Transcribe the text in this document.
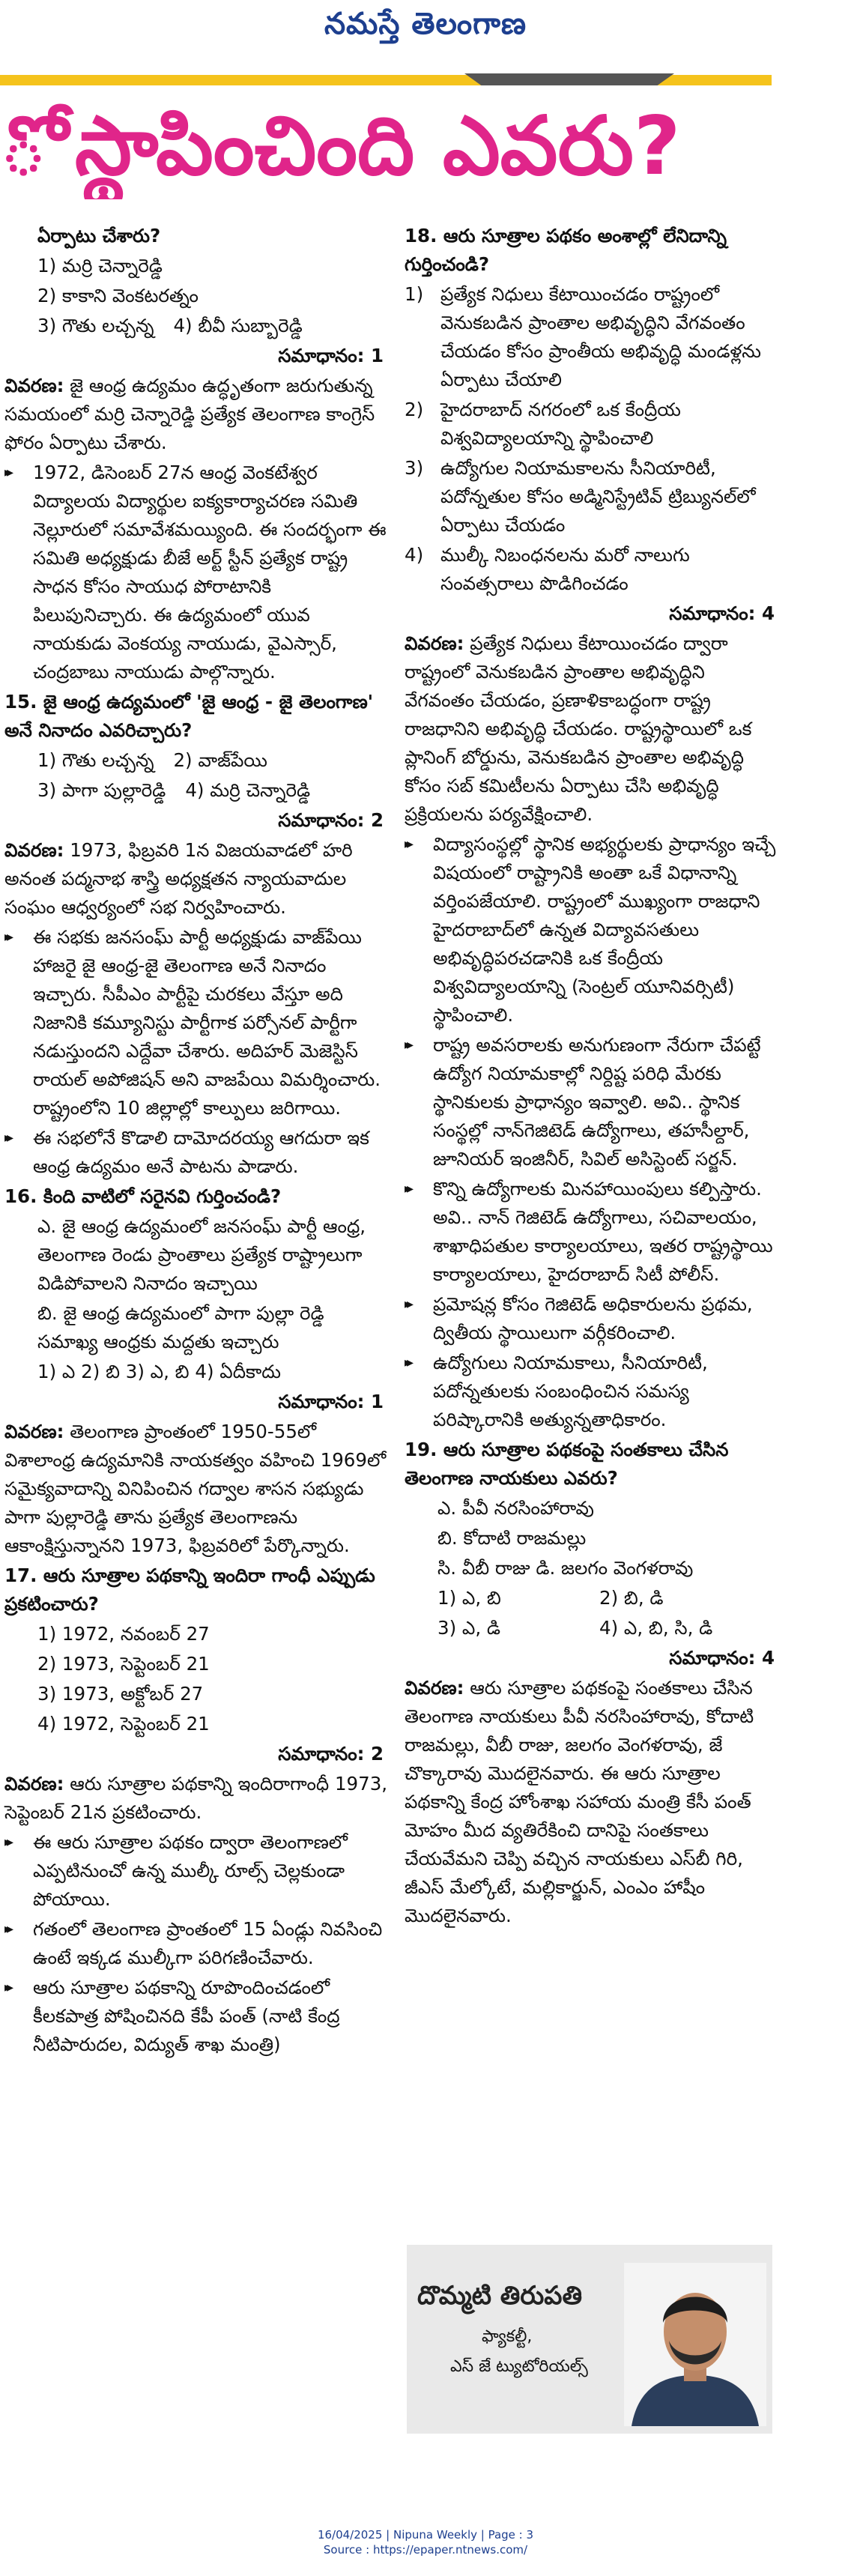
నమస్తే తెలంగాణ
ో స్థాపించింది ఎవరు?
ఏర్పాటు చేశారు?
1) మర్రి చెన్నారెడ్డి
2) కాకాని వెంకటరత్నం
3) గౌతు లచ్చన్న 4) బీవీ సుబ్బారెడ్డి
సమాధానం: 1
వివరణ: జై ఆంధ్ర ఉద్యమం ఉద్ధృతంగా జరుగుతున్న సమయంలో మర్రి చెన్నారెడ్డి ప్రత్యేక తెలంగాణ కాంగ్రెస్ ఫోరం ఏర్పాటు చేశారు.
▸▸ 1972, డిసెంబర్ 27న ఆంధ్ర వెంకటేశ్వర విద్యాలయ విద్యార్థుల ఐక్యకార్యాచరణ సమితి నెల్లూరులో సమావేశమయ్యింది. ఈ సందర్భంగా ఈ సమితి అధ్యక్షుడు బీజే అర్ట్ స్టీన్ ప్రత్యేక రాష్ట్ర సాధన కోసం సాయుధ పోరాటానికి పిలుపునిచ్చారు. ఈ ఉద్యమంలో యువ నాయకుడు వెంకయ్య నాయుడు, వైఎస్సార్, చంద్రబాబు నాయుడు పాల్గొన్నారు.
15. జై ఆంధ్ర ఉద్యమంలో 'జై ఆంధ్ర - జై తెలంగాణ' అనే నినాదం ఎవరిచ్చారు?
1) గౌతు లచ్చన్న 2) వాజ్‌పేయి
3) పాగా పుల్లారెడ్డి 4) మర్రి చెన్నారెడ్డి
సమాధానం: 2
వివరణ: 1973, ఫిబ్రవరి 1న విజయవాడలో హరి అనంత పద్మనాభ శాస్త్రి అధ్యక్షతన న్యాయవాదుల సంఘం ఆధ్వర్యంలో సభ నిర్వహించారు.
▸▸ ఈ సభకు జనసంఘ్ పార్టీ అధ్యక్షుడు వాజ్‌పేయి హాజరై జై ఆంధ్ర-జై తెలంగాణ అనే నినాదం ఇచ్చారు. సీపీఎం పార్టీపై చురకలు వేస్తూ అది నిజానికి కమ్యూనిస్టు పార్టీగాక పర్సోనల్ పార్టీగా నడుస్తుందని ఎద్దేవా చేశారు. అదిహర్ మెజెస్టిస్ రాయల్ అపోజిషన్ అని వాజపేయి విమర్శించారు. రాష్ట్రంలోని 10 జిల్లాల్లో కాల్పులు జరిగాయి.
▸▸ ఈ సభలోనే కొడాలి దామోదరయ్య ఆగదురా ఇక ఆంధ్ర ఉద్యమం అనే పాటను పాడారు.
16. కింది వాటిలో సరైనవి గుర్తించండి?
ఎ. జై ఆంధ్ర ఉద్యమంలో జనసంఘ్ పార్టీ ఆంధ్ర, తెలంగాణ రెండు ప్రాంతాలు ప్రత్యేక రాష్ట్రాలుగా విడిపోవాలని నినాదం ఇచ్చాయి
బి. జై ఆంధ్ర ఉద్యమంలో పాగా పుల్లా రెడ్డి సమాఖ్య ఆంధ్రకు మద్దతు ఇచ్చారు
1) ఎ 2) బి 3) ఎ, బి 4) ఏదీకాదు
సమాధానం: 1
వివరణ: తెలంగాణ ప్రాంతంలో 1950-55లో విశాలాంధ్ర ఉద్యమానికి నాయకత్వం వహించి 1969లో సమైక్యవాదాన్ని వినిపించిన గద్వాల శాసన సభ్యుడు పాగా పుల్లారెడ్డి తాను ప్రత్యేక తెలంగాణను ఆకాంక్షిస్తున్నానని 1973, ఫిబ్రవరిలో పేర్కొన్నారు.
17. ఆరు సూత్రాల పథకాన్ని ఇందిరా గాంధీ ఎప్పుడు ప్రకటించారు?
1) 1972, నవంబర్ 27
2) 1973, సెప్టెంబర్ 21
3) 1973, అక్టోబర్ 27
4) 1972, సెప్టెంబర్ 21
సమాధానం: 2
వివరణ: ఆరు సూత్రాల పథకాన్ని ఇందిరాగాంధీ 1973, సెప్టెంబర్ 21న ప్రకటించారు.
▸▸ ఈ ఆరు సూత్రాల పథకం ద్వారా తెలంగాణలో ఎప్పటినుంచో ఉన్న ముల్కీ రూల్స్ చెల్లకుండా పోయాయి.
▸▸ గతంలో తెలంగాణ ప్రాంతంలో 15 ఏండ్లు నివసించి ఉంటే ఇక్కడ ముల్కీగా పరిగణించేవారు.
▸▸ ఆరు సూత్రాల పథకాన్ని రూపొందించడంలో కీలకపాత్ర పోషించినది కేపీ పంత్ (నాటి కేంద్ర నీటిపారుదల, విద్యుత్ శాఖ మంత్రి)
18. ఆరు సూత్రాల పథకం అంశాల్లో లేనిదాన్ని గుర్తించండి?
1) ప్రత్యేక నిధులు కేటాయించడం రాష్ట్రంలో వెనుకబడిన ప్రాంతాల అభివృద్ధిని వేగవంతం చేయడం కోసం ప్రాంతీయ అభివృద్ధి మండళ్లను ఏర్పాటు చేయాలి
2) హైదరాబాద్ నగరంలో ఒక కేంద్రీయ విశ్వవిద్యాలయాన్ని స్థాపించాలి
3) ఉద్యోగుల నియామకాలను సీనియారిటీ, పదోన్నతుల కోసం అడ్మినిస్ట్రేటివ్ ట్రిబ్యునల్‌లో ఏర్పాటు చేయడం
4) ముల్కీ నిబంధనలను మరో నాలుగు సంవత్సరాలు పొడిగించడం
సమాధానం: 4
వివరణ: ప్రత్యేక నిధులు కేటాయించడం ద్వారా రాష్ట్రంలో వెనుకబడిన ప్రాంతాల అభివృద్ధిని వేగవంతం చేయడం, ప్రణాళికాబద్ధంగా రాష్ట్ర రాజధానిని అభివృద్ధి చేయడం. రాష్ట్రస్థాయిలో ఒక ప్లానింగ్ బోర్డును, వెనుకబడిన ప్రాంతాల అభివృద్ధి కోసం సబ్ కమిటీలను ఏర్పాటు చేసి అభివృద్ధి ప్రక్రియలను పర్యవేక్షించాలి.
▸▸ విద్యాసంస్థల్లో స్థానిక అభ్యర్థులకు ప్రాధాన్యం ఇచ్చే విషయంలో రాష్ట్రానికి అంతా ఒకే విధానాన్ని వర్తింపజేయాలి. రాష్ట్రంలో ముఖ్యంగా రాజధాని హైదరాబాద్‌లో ఉన్నత విద్యావసతులు అభివృద్ధిపరచడానికి ఒక కేంద్రీయ విశ్వవిద్యాలయాన్ని (సెంట్రల్ యూనివర్సిటీ) స్థాపించాలి.
▸▸ రాష్ట్ర అవసరాలకు అనుగుణంగా నేరుగా చేపట్టే ఉద్యోగ నియామకాల్లో నిర్దిష్ట పరిధి మేరకు స్థానికులకు ప్రాధాన్యం ఇవ్వాలి. అవి.. స్థానిక సంస్థల్లో నాన్‌గెజిటెడ్ ఉద్యోగాలు, తహసీల్దార్, జూనియర్ ఇంజినీర్, సివిల్ అసిస్టెంట్ సర్జన్.
▸▸ కొన్ని ఉద్యోగాలకు మినహాయింపులు కల్పిస్తారు. అవి.. నాన్ గెజిటెడ్ ఉద్యోగాలు, సచివాలయం, శాఖాధిపతుల కార్యాలయాలు, ఇతర రాష్ట్రస్థాయి కార్యాలయాలు, హైదరాబాద్ సిటీ పోలీస్.
▸▸ ప్రమోషన్ల కోసం గెజిటెడ్ అధికారులను ప్రథమ, ద్వితీయ స్థాయిలుగా వర్గీకరించాలి.
▸▸ ఉద్యోగులు నియామకాలు, సీనియారిటీ, పదోన్నతులకు సంబంధించిన సమస్య పరిష్కారానికి అత్యున్నతాధికారం.
19. ఆరు సూత్రాల పథకంపై సంతకాలు చేసిన తెలంగాణ నాయకులు ఎవరు?
ఎ. పీవీ నరసింహారావు
బి. కోదాటి రాజమల్లు
సి. వీబీ రాజు డి. జలగం వెంగళరావు
1) ఎ, బి	2) బి, డి
3) ఎ, డి	4) ఎ, బి, సి, డి
సమాధానం: 4
వివరణ: ఆరు సూత్రాల పథకంపై సంతకాలు చేసిన తెలంగాణ నాయకులు పీవీ నరసింహారావు, కోదాటి రాజమల్లు, వీబీ రాజు, జలగం వెంగళరావు, జే చొక్కారావు మొదలైనవారు. ఈ ఆరు సూత్రాల పథకాన్ని కేంద్ర హోంశాఖ సహాయ మంత్రి కేసీ పంత్ మోహం మీద వ్యతిరేకించి దానిపై సంతకాలు చేయవేమని చెప్పి వచ్చిన నాయకులు ఎస్‌బీ గిరి, జీఎస్ మేల్కోటే, మల్లికార్జున్, ఎంఎం హాషీం మొదలైనవారు.
దొమ్మటి తిరుపతి
ఫ్యాకల్టీ,
ఎస్ జే ట్యుటోరియల్స్
16/04/2025 | Nipuna Weekly | Page : 3
Source : https://epaper.ntnews.com/
